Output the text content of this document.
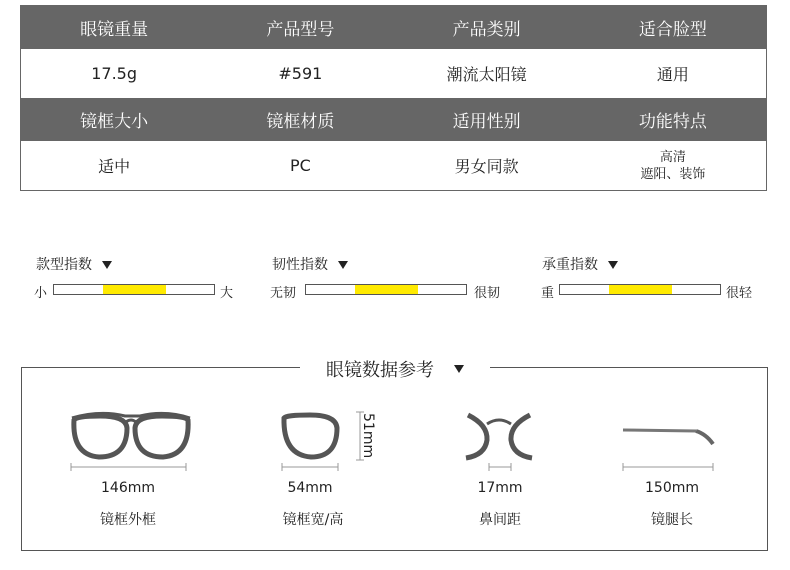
眼镜重量	产品型号	产品类别	适合脸型
17.5g	#591	潮流太阳镜	通用
镜框大小	镜框材质	适用性别	功能特点
适中	PC	男女同款	高清
遮阳、装饰
款型指数
小	大
韧性指数
无韧	很韧
承重指数
重	很轻
眼镜数据参考
51mm
146mm
镜框外框
54mm
镜框宽/高
17mm
鼻间距
150mm
镜腿长
